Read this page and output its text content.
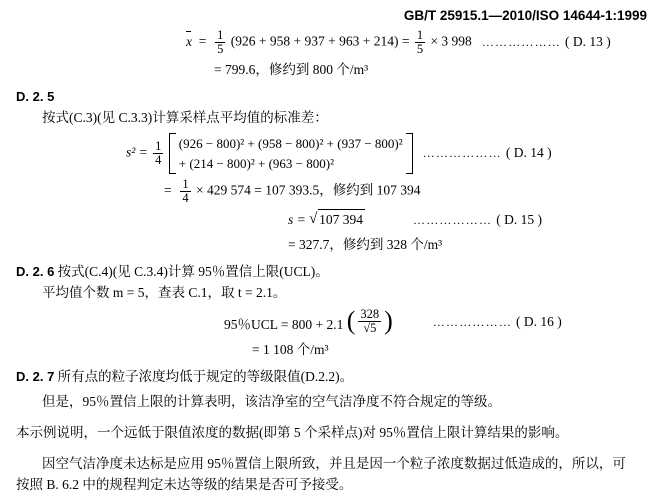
GB/T 25915.1—2010/ISO 14644-1:1999
$x = \frac{1}{5} (926 + 958 + 937 + 963 + 214) = \frac{1}{5} \times 3$ 998 ……………… ( D. 13 )
= 799.6，修约到 800 个/m³
D. 2. 5
按式(C.3)(见 C.3.3)计算采样点平均值的标准差：
$s^2 = \frac{1}{4}$
(926 − 800)² + (958 − 800)² + (937 − 800)²
+ (214 − 800)² + (963 − 800)²
……………… ( D. 14 )
= $\frac{1}{4} \times 429$ 574 = 107 393.5，修约到 107 394
s = √ 107 394	……………… ( D. 15 )
= 327.7，修约到 328 个/m³
D. 2. 6 按式(C.4)(见 C.3.4)计算 95％置信上限(UCL)。
平均值个数 m = 5，查表 C.1，取 t = 2.1。
95％UCL = 800 + 2.1 ( $\frac{328}{√5}$ )	……………… ( D. 16 )
= 1 108 个/m³
D. 2. 7 所有点的粒子浓度均低于规定的等级限值(D.2.2)。
但是，95％置信上限的计算表明，该洁净室的空气洁净度不符合规定的等级。
本示例说明，一个远低于限值浓度的数据(即第 5 个采样点)对 95％置信上限计算结果的影响。
因空气洁净度未达标是应用 95％置信上限所致，并且是因一个粒子浓度数据过低造成的，所以，可
按照 B. 6.2 中的规程判定未达等级的结果是否可予接受。
